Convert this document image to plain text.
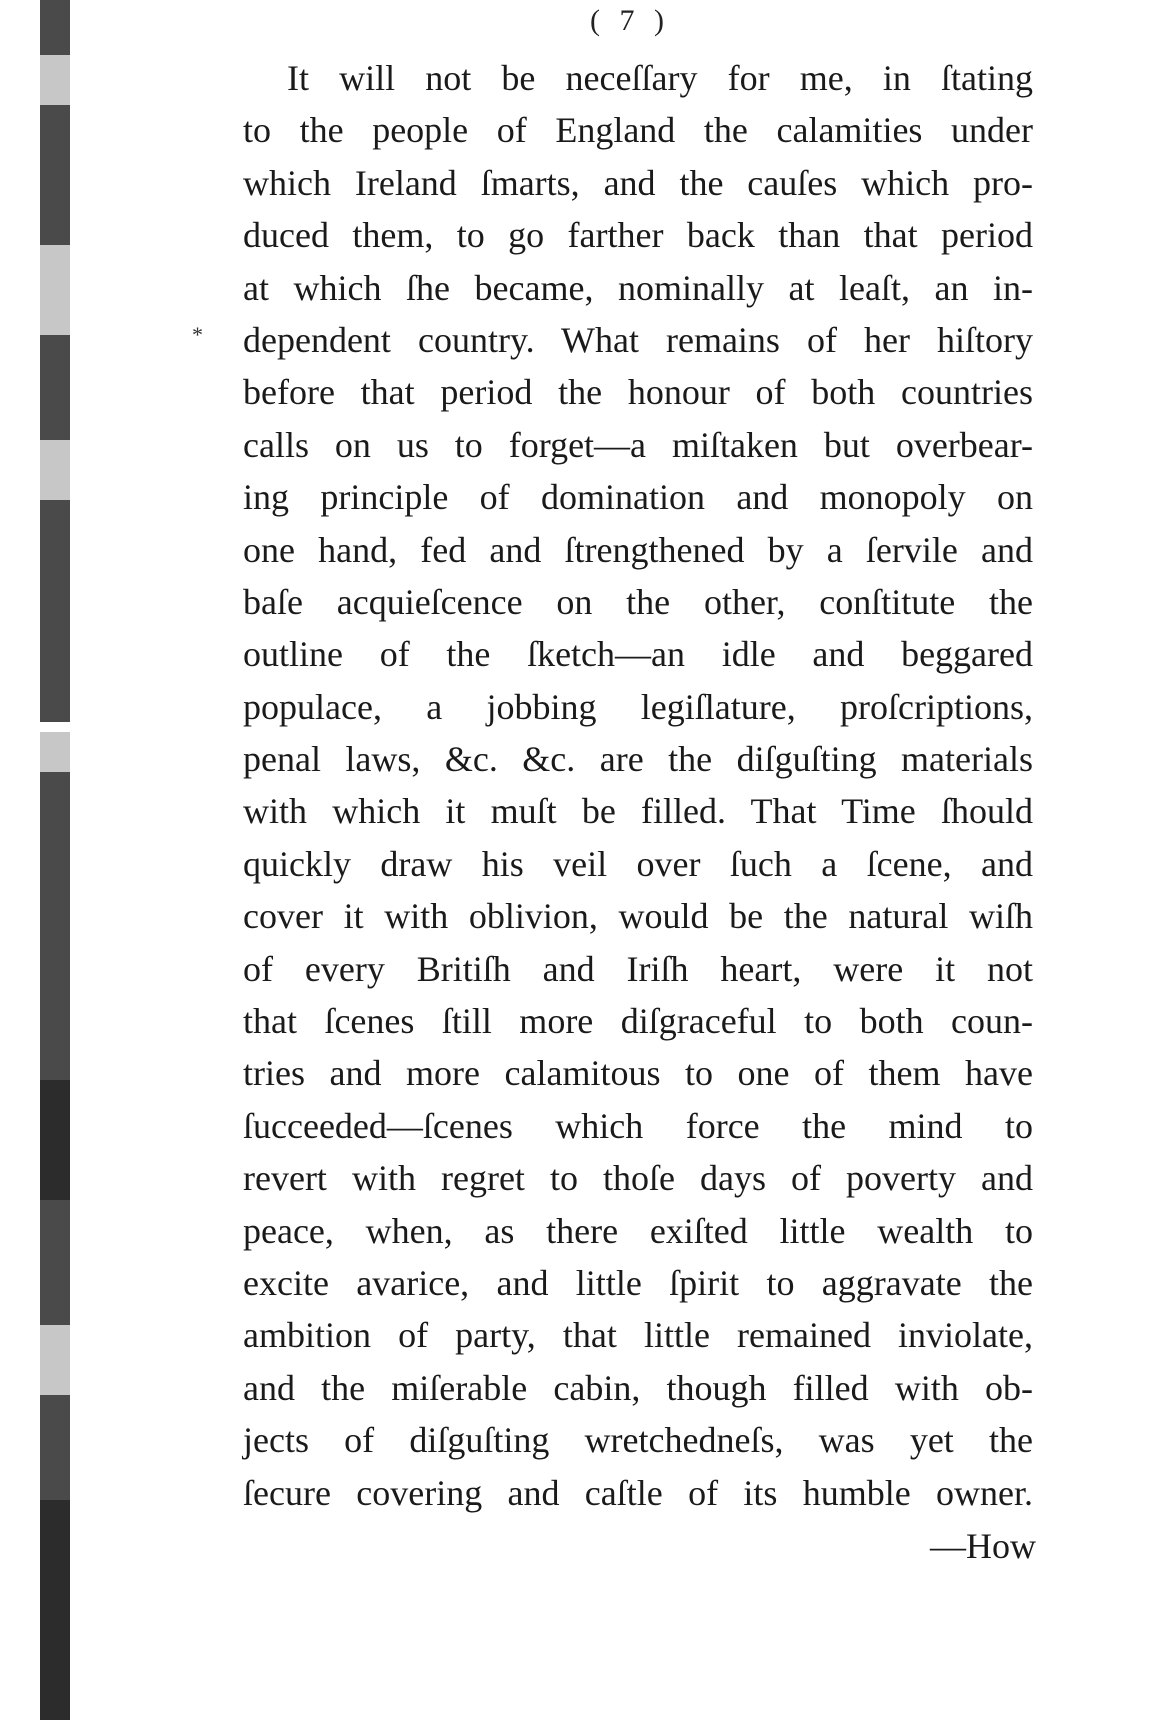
( 7 )
*
It will not be neceſſary for me, in ſtating
to the people of England the calamities under
which Ireland ſmarts, and the cauſes which pro-
duced them, to go farther back than that period
at which ſhe became, nominally at leaſt, an in-
dependent country. What remains of her hiſtory
before that period the honour of both countries
calls on us to forget—a miſtaken but overbear-
ing principle of domination and monopoly on
one hand, fed and ſtrengthened by a ſervile and
baſe acquieſcence on the other, conſtitute the
outline of the ſketch—an idle and beggared
populace, a jobbing legiſlature, proſcriptions,
penal laws, &c. &c. are the diſguſting materials
with which it muſt be filled. That Time ſhould
quickly draw his veil over ſuch a ſcene, and
cover it with oblivion, would be the natural wiſh
of every Britiſh and Iriſh heart, were it not
that ſcenes ſtill more diſgraceful to both coun-
tries and more calamitous to one of them have
ſucceeded—ſcenes which force the mind to
revert with regret to thoſe days of poverty and
peace, when, as there exiſted little wealth to
excite avarice, and little ſpirit to aggravate the
ambition of party, that little remained inviolate,
and the miſerable cabin, though filled with ob-
jects of diſguſting wretchedneſs, was yet the
ſecure covering and caſtle of its humble owner.
—How
